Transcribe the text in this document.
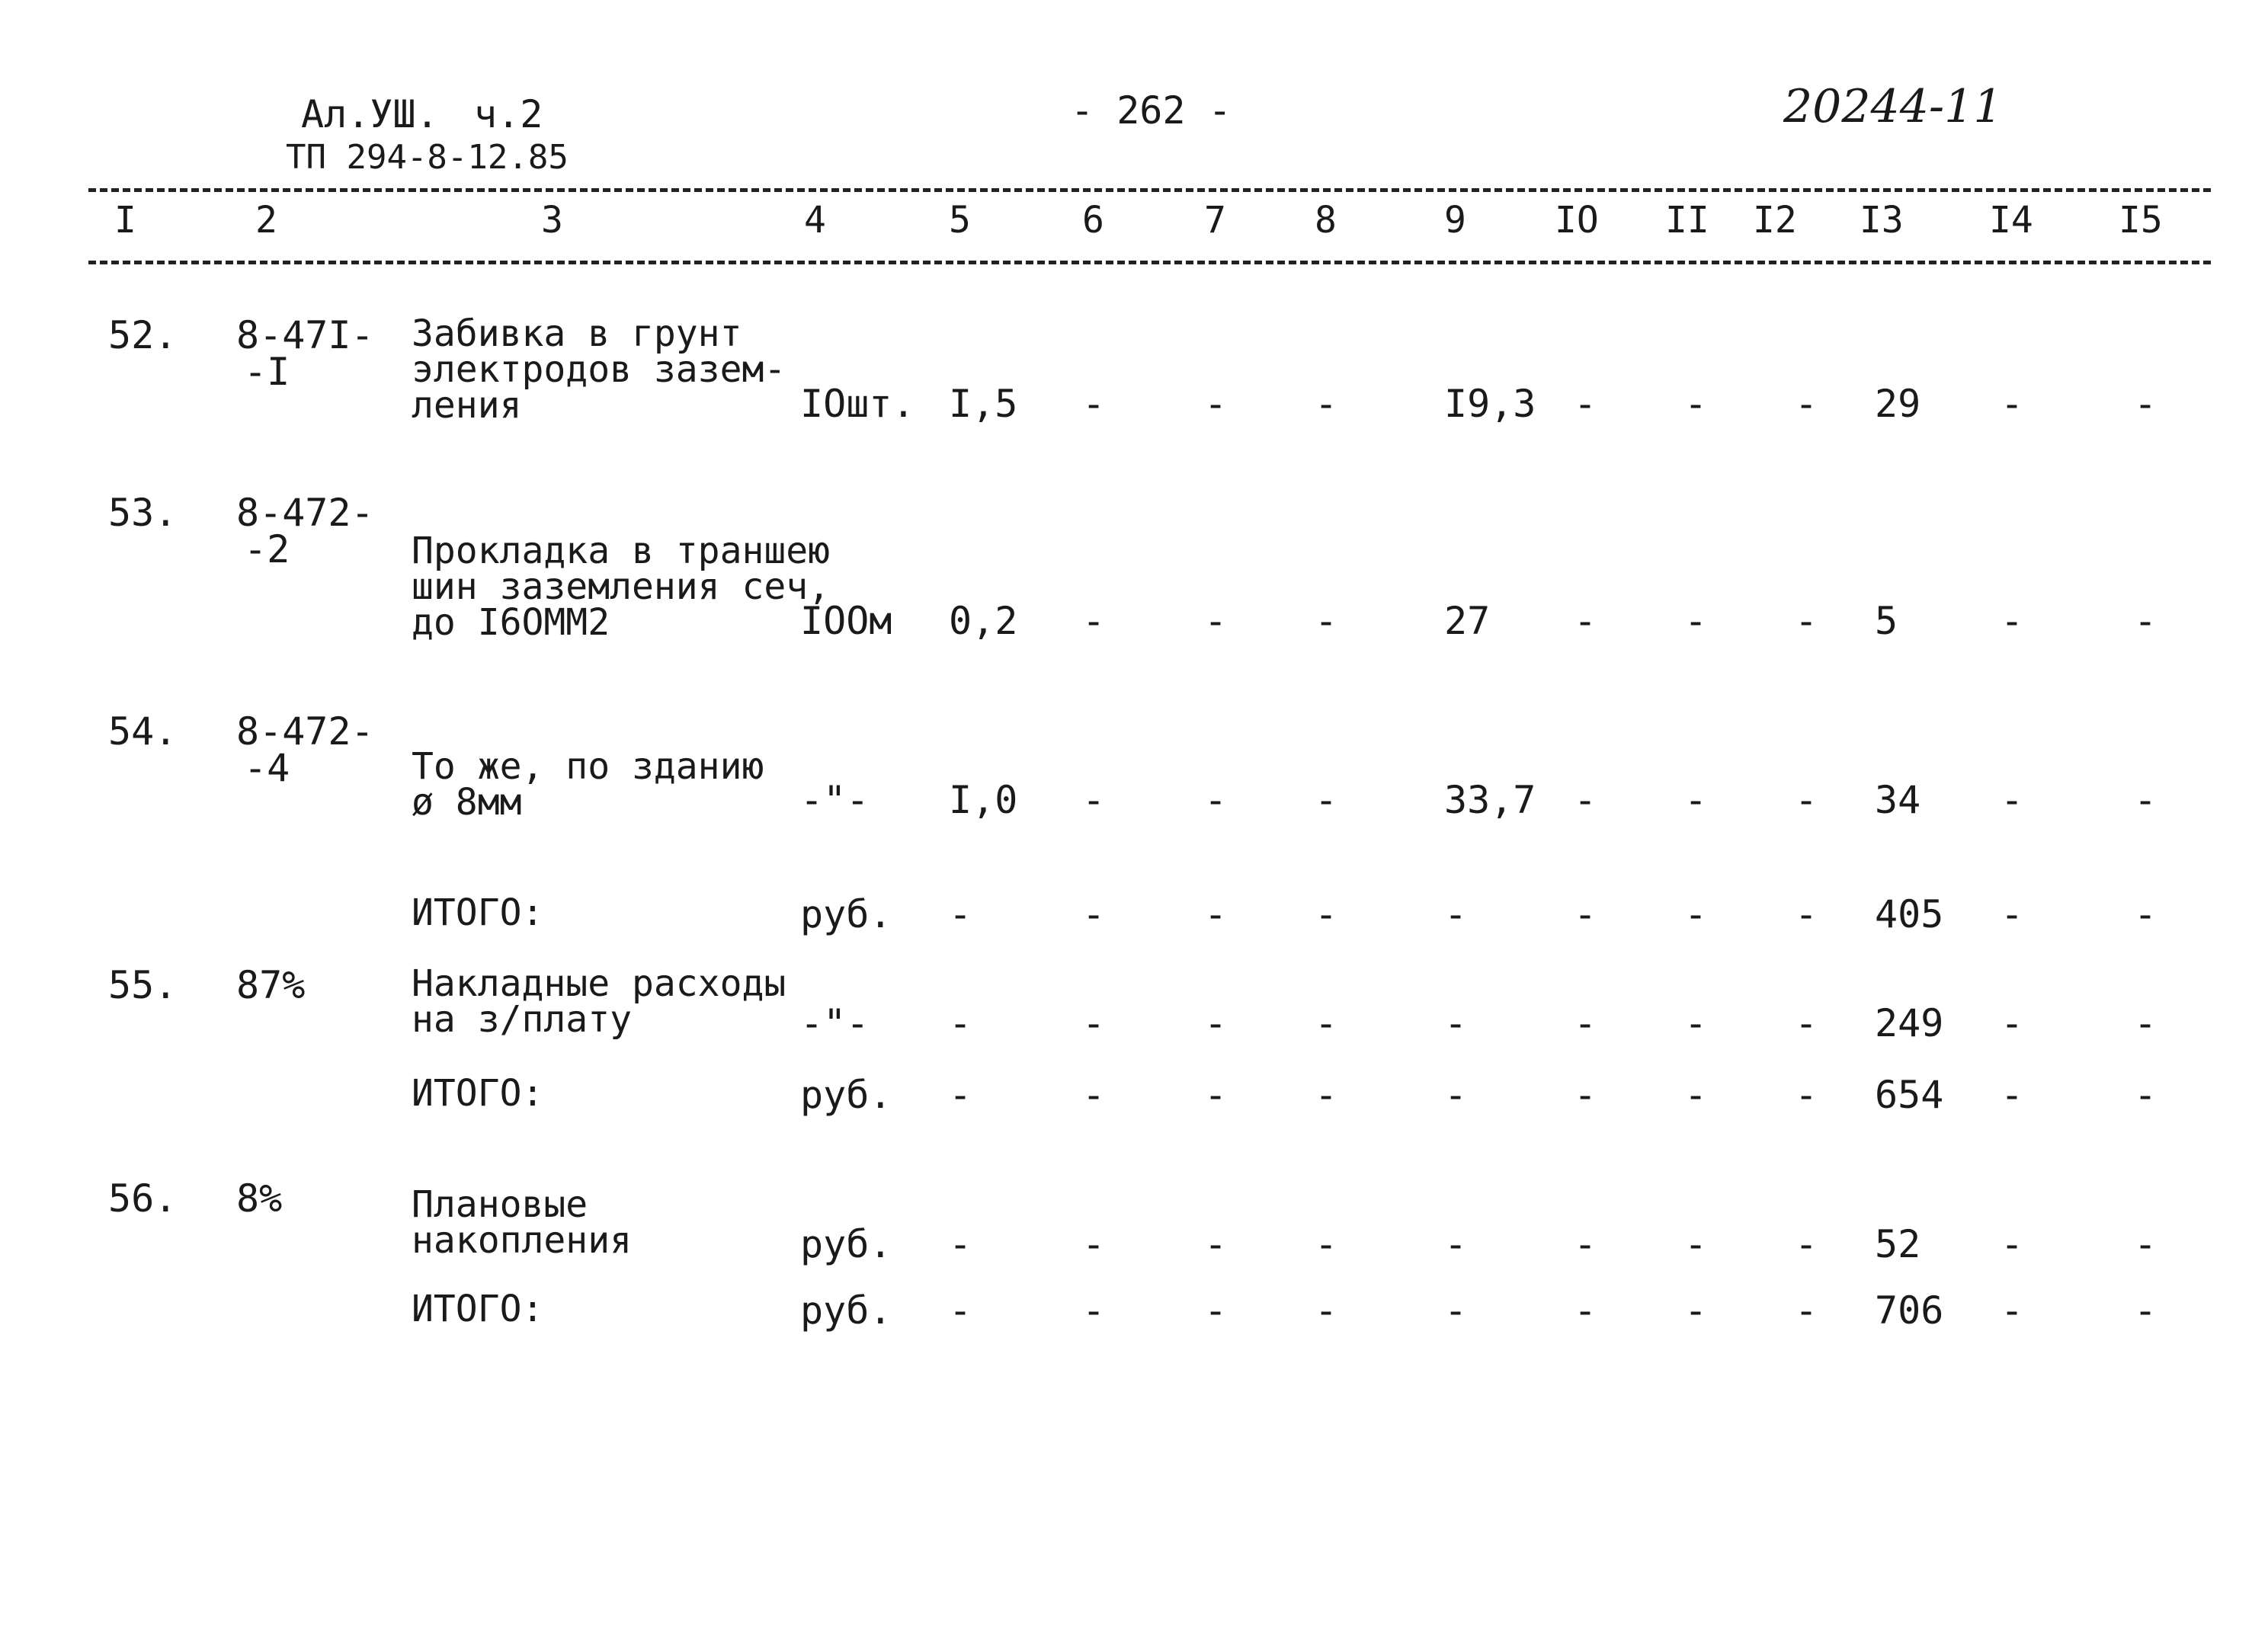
Ал.УШ. ч.2
ТП 294-8-12.85
- 262 -	20244-11
I	2	3	4	5	6	7 8	9 IO II I2 I3 I4 I5
52. 8-47I-
-I
Забивка в грунт
электродов зазем-
ления	IOшт. I,5 -	- -	I9,3 - - - 29 -	-
53. 8-472-
-2	Прокладка в траншею
шин заземления сеч,
до I6OMM2	IOOм 0,2 -	- -	27 - - - 5	-	-
54. 8-472-
-4	То же, по зданию
ø 8мм	-"- I,0 -	- -	33,7 - - - 34 -	-
ИТОГО:	руб. -	-	- -	-	- - - 405 -	-
55. 87%	Накладные расходы
на з/плату	-"- -	-	- -	-	- - - 249 -	-
ИТОГО:	руб. -	-	- -	-	- - - 654 -	-
56. 8%	Плановые
накопления	руб. -	-	- -	-	- - - 52 -	-
ИТОГО:	руб. -	-	- -	-	- - - 706 -	-
